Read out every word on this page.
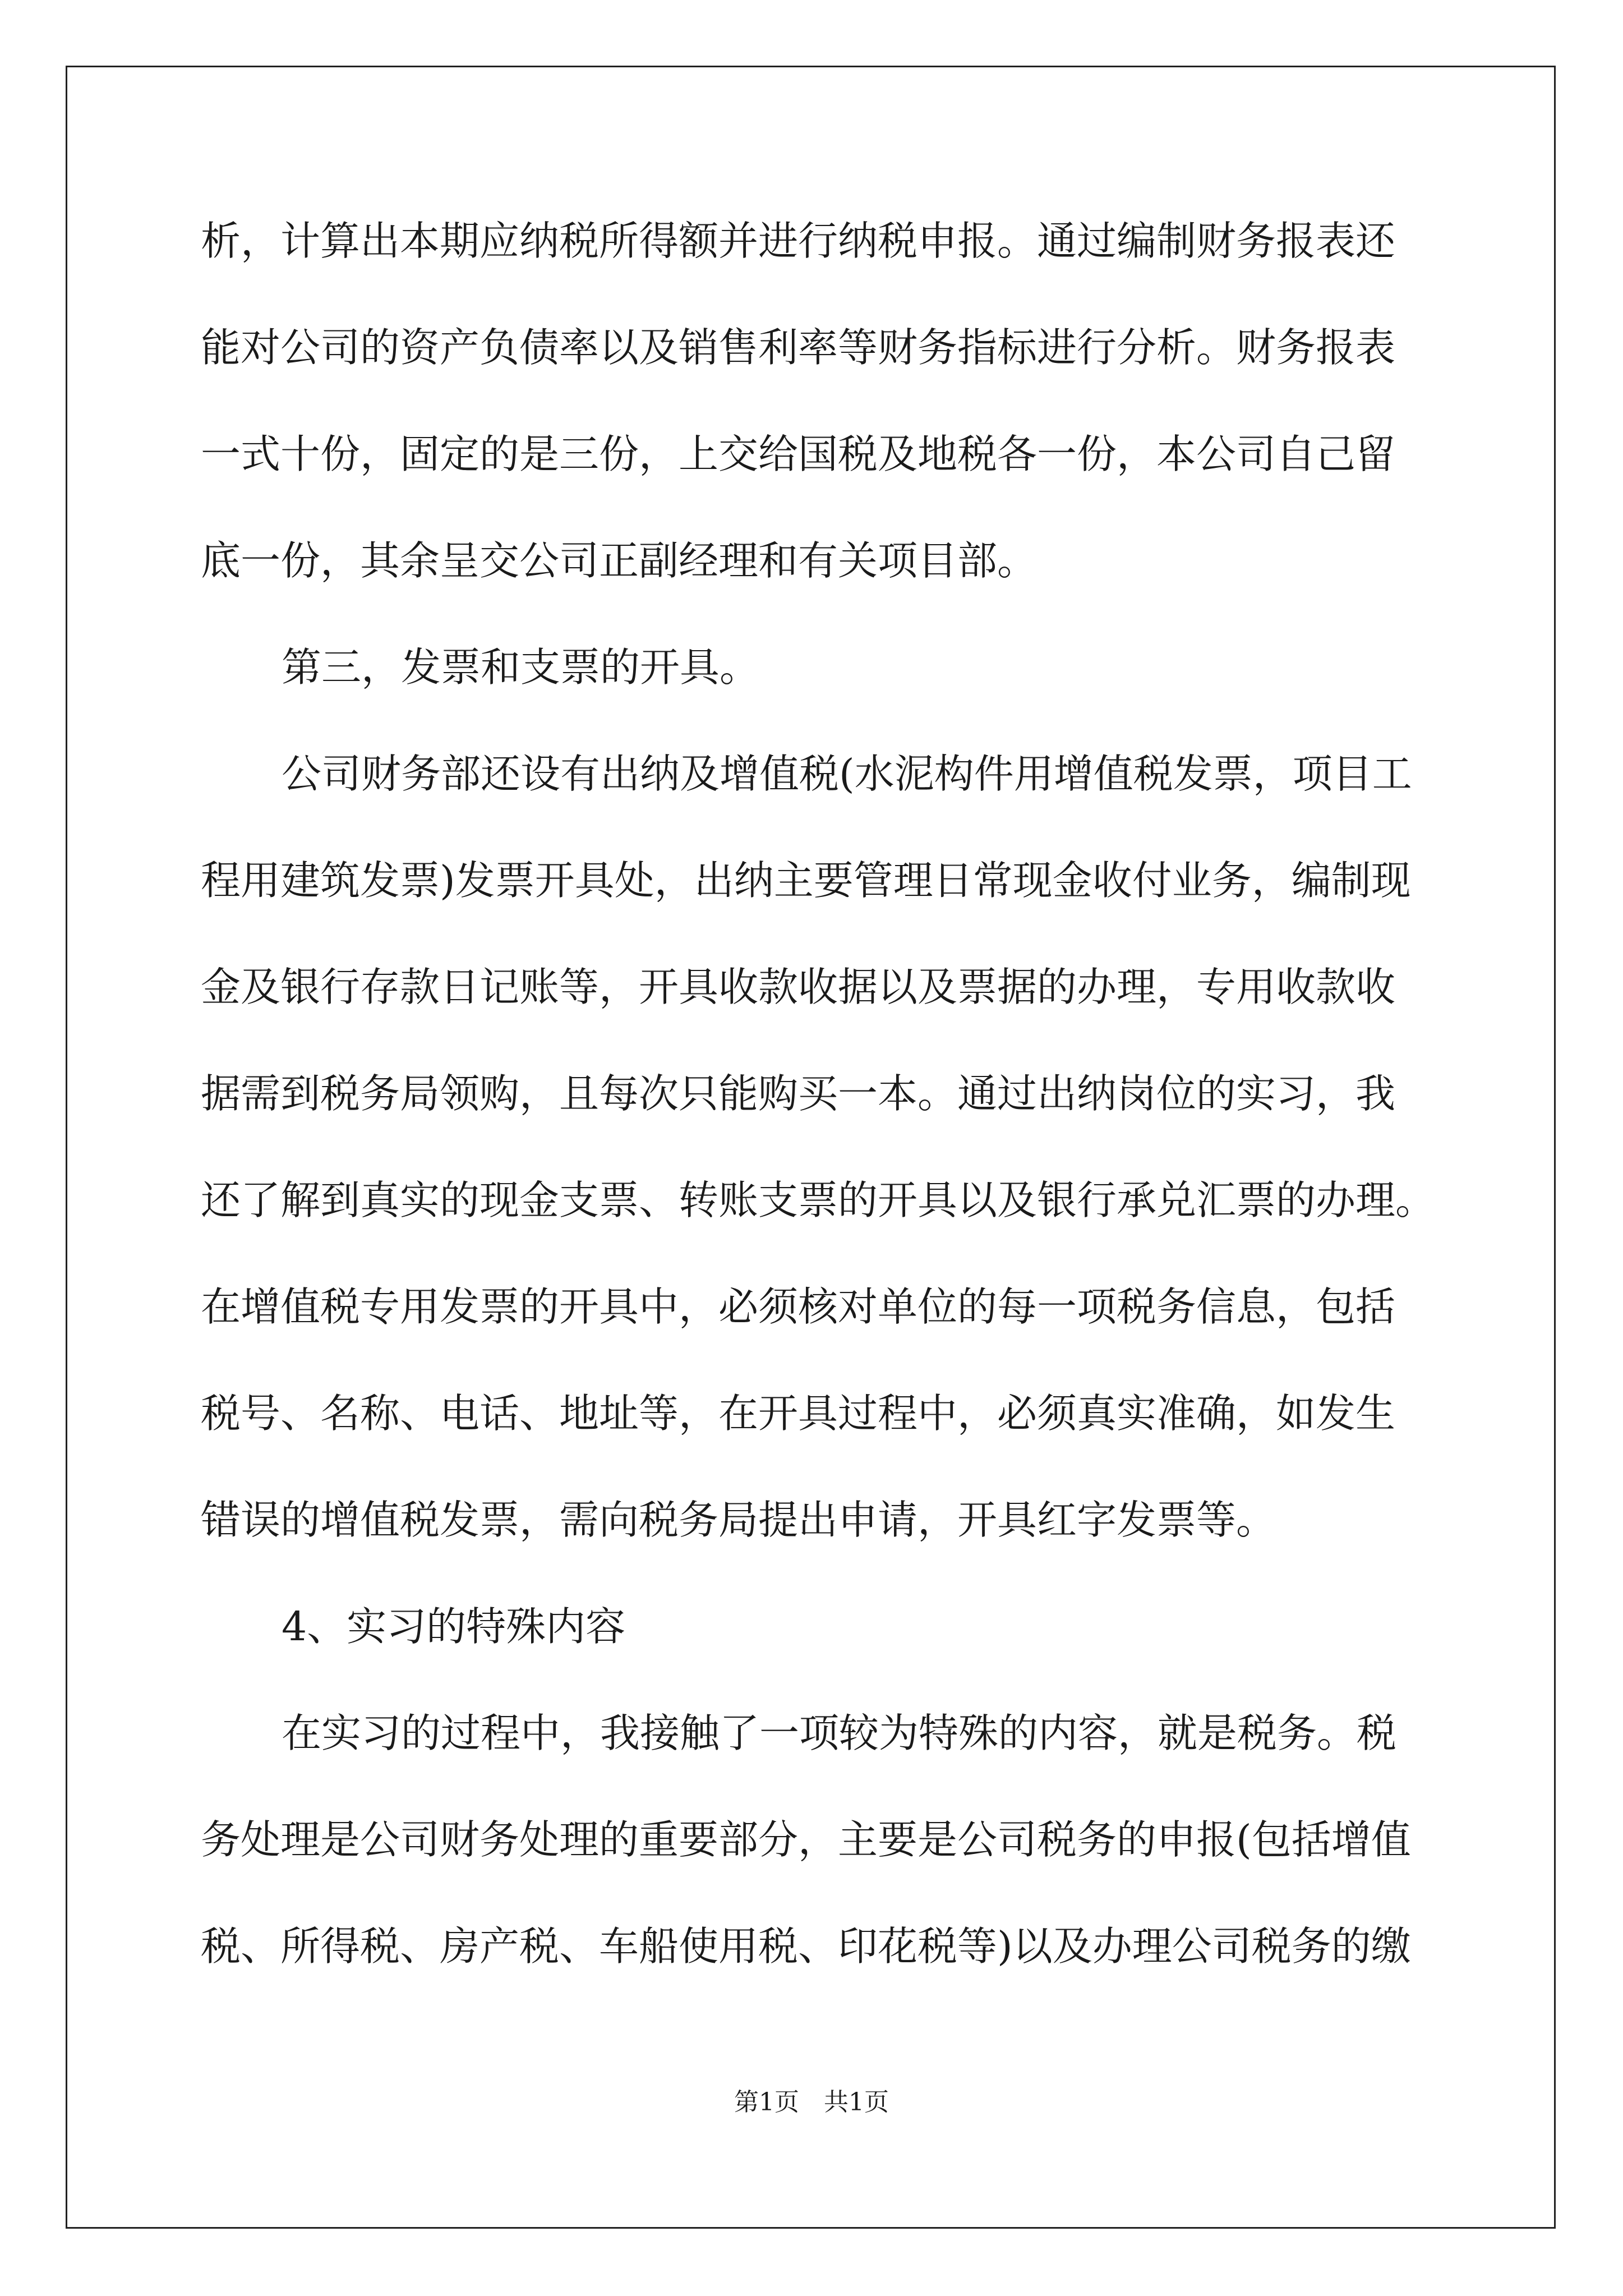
析，计算出本期应纳税所得额并进行纳税申报。通过编制财务报表还
能对公司的资产负债率以及销售利率等财务指标进行分析。财务报表
一式十份，固定的是三份，上交给国税及地税各一份，本公司自己留
底一份，其余呈交公司正副经理和有关项目部。
第三，发票和支票的开具。
公司财务部还设有出纳及增值税(水泥构件用增值税发票，项目工
程用建筑发票)发票开具处，出纳主要管理日常现金收付业务，编制现
金及银行存款日记账等，开具收款收据以及票据的办理，专用收款收
据需到税务局领购，且每次只能购买一本。通过出纳岗位的实习，我
还了解到真实的现金支票、转账支票的开具以及银行承兑汇票的办理。
在增值税专用发票的开具中，必须核对单位的每一项税务信息，包括
税号、名称、电话、地址等，在开具过程中，必须真实准确，如发生
错误的增值税发票，需向税务局提出申请，开具红字发票等。
4、实习的特殊内容
在实习的过程中，我接触了一项较为特殊的内容，就是税务。税
务处理是公司财务处理的重要部分，主要是公司税务的申报(包括增值
税、所得税、房产税、车船使用税、印花税等)以及办理公司税务的缴
第1页　共1页
